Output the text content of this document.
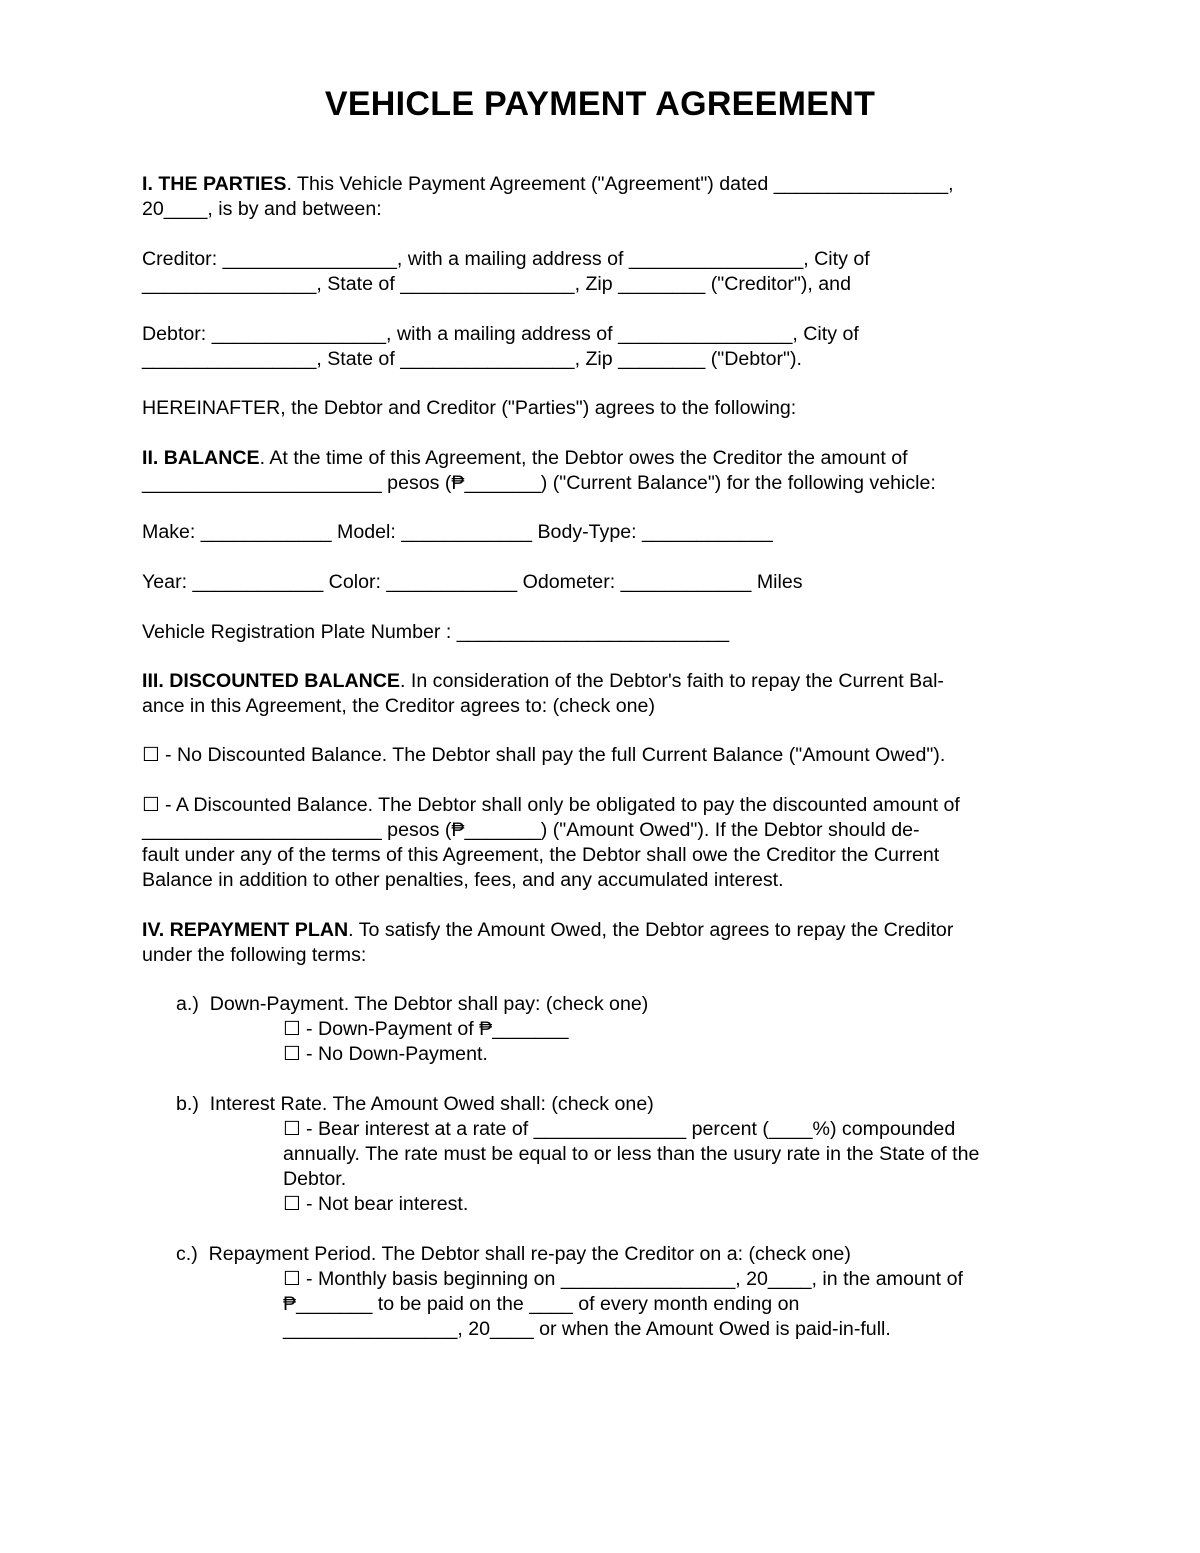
VEHICLE PAYMENT AGREEMENT
I. THE PARTIES. This Vehicle Payment Agreement ("Agreement") dated ________________,
20____, is by and between:
Creditor: ________________, with a mailing address of ________________, City of
________________, State of ________________, Zip ________ ("Creditor"), and
Debtor: ________________, with a mailing address of ________________, City of
________________, State of ________________, Zip ________ ("Debtor").
HEREINAFTER, the Debtor and Creditor ("Parties") agrees to the following:
II. BALANCE. At the time of this Agreement, the Debtor owes the Creditor the amount of
______________________ pesos (₱_______) ("Current Balance") for the following vehicle:
Make: ____________ Model: ____________ Body-Type: ____________
Year: ____________ Color: ____________ Odometer: ____________ Miles
Vehicle Registration Plate Number : _________________________
III. DISCOUNTED BALANCE. In consideration of the Debtor's faith to repay the Current Bal-
ance in this Agreement, the Creditor agrees to: (check one)
☐ - No Discounted Balance. The Debtor shall pay the full Current Balance ("Amount Owed").
☐ - A Discounted Balance. The Debtor shall only be obligated to pay the discounted amount of
______________________ pesos (₱_______) ("Amount Owed"). If the Debtor should de-
fault under any of the terms of this Agreement, the Debtor shall owe the Creditor the Current
Balance in addition to other penalties, fees, and any accumulated interest.
IV. REPAYMENT PLAN. To satisfy the Amount Owed, the Debtor agrees to repay the Creditor
under the following terms:
a.)  Down-Payment. The Debtor shall pay: (check one)
☐ - Down-Payment of ₱_______
☐ - No Down-Payment.
b.)  Interest Rate. The Amount Owed shall: (check one)
☐ - Bear interest at a rate of ______________ percent (____%) compounded
annually. The rate must be equal to or less than the usury rate in the State of the
Debtor.
☐ - Not bear interest.
c.)  Repayment Period. The Debtor shall re-pay the Creditor on a: (check one)
☐ - Monthly basis beginning on ________________, 20____, in the amount of
₱_______ to be paid on the ____ of every month ending on
________________, 20____ or when the Amount Owed is paid-in-full.
